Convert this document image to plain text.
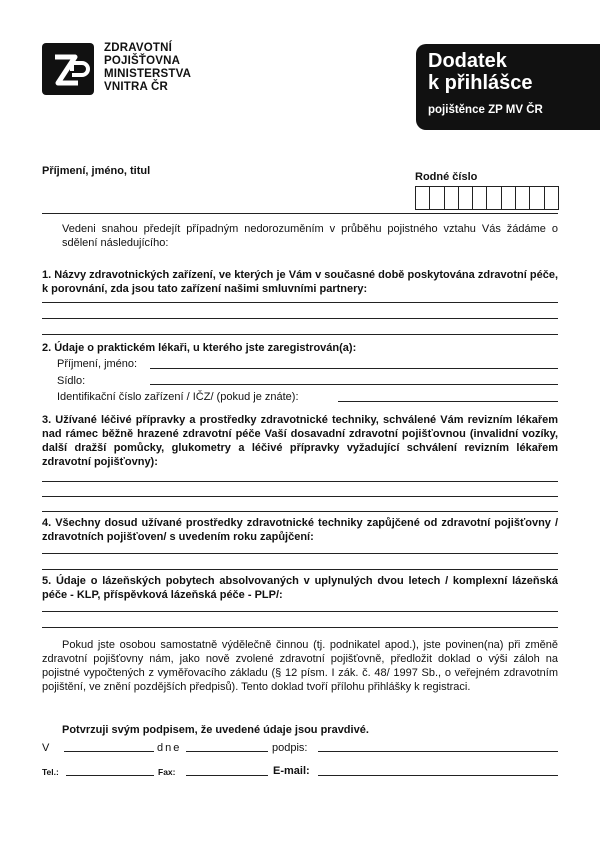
ZDRAVOTNÍ
POJIŠŤOVNA
MINISTERSTVA
VNITRA ČR
Dodatek
k přihlášce
pojištěnce ZP MV ČR
Příjmení, jméno, titul	Rodné číslo
Vedeni snahou předejít případným nedorozuměním v průběhu pojistného vztahu Vás žádáme o sdělení následujícího:
1. Názvy zdravotnických zařízení, ve kterých je Vám v současné době poskytována zdravotní péče, k porovnání, zda jsou tato zařízení našimi smluvními partnery:
2. Údaje o praktickém lékaři, u kterého jste zaregistrován(a):
Příjmení, jméno:
Sídlo:
Identifikační číslo zařízení / IČZ/ (pokud je znáte):
3. Užívané léčivé přípravky a prostředky zdravotnické techniky, schválené Vám revizním lékařem nad rámec běžně hrazené zdravotní péče Vaší dosavadní zdravotní pojišťovnou (invalidní vozíky, další dražší pomůcky, glukometry a léčivé přípravky vyžadující schválení revizním lékařem zdravotní pojišťovny):
4. Všechny dosud užívané prostředky zdravotnické techniky zapůjčené od zdravotní pojišťovny / zdravotních pojišťoven/ s uvedením roku zapůjčení:
5. Údaje o lázeňských pobytech absolvovaných v uplynulých dvou letech / komplexní lázeňská péče - KLP, příspěvková lázeňská péče - PLP/:
Pokud jste osobou samostatně výdělečně činnou (tj. podnikatel apod.), jste povinen(na) při změně zdravotní pojišťovny nám, jako nově zvolené zdravotní pojišťovně, předložit doklad o výši záloh na pojistné vypočtených z vyměřovacího základu (§ 12 písm. I zák. č. 48/ 1997 Sb., o veřejném zdravotním pojištění, ve znění pozdějších předpisů). Tento doklad tvoří přílohu přihlášky k registraci.
Potvrzuji svým podpisem, že uvedené údaje jsou pravdivé.
V	dne	podpis:
Tel.:	Fax:	E-mail:
